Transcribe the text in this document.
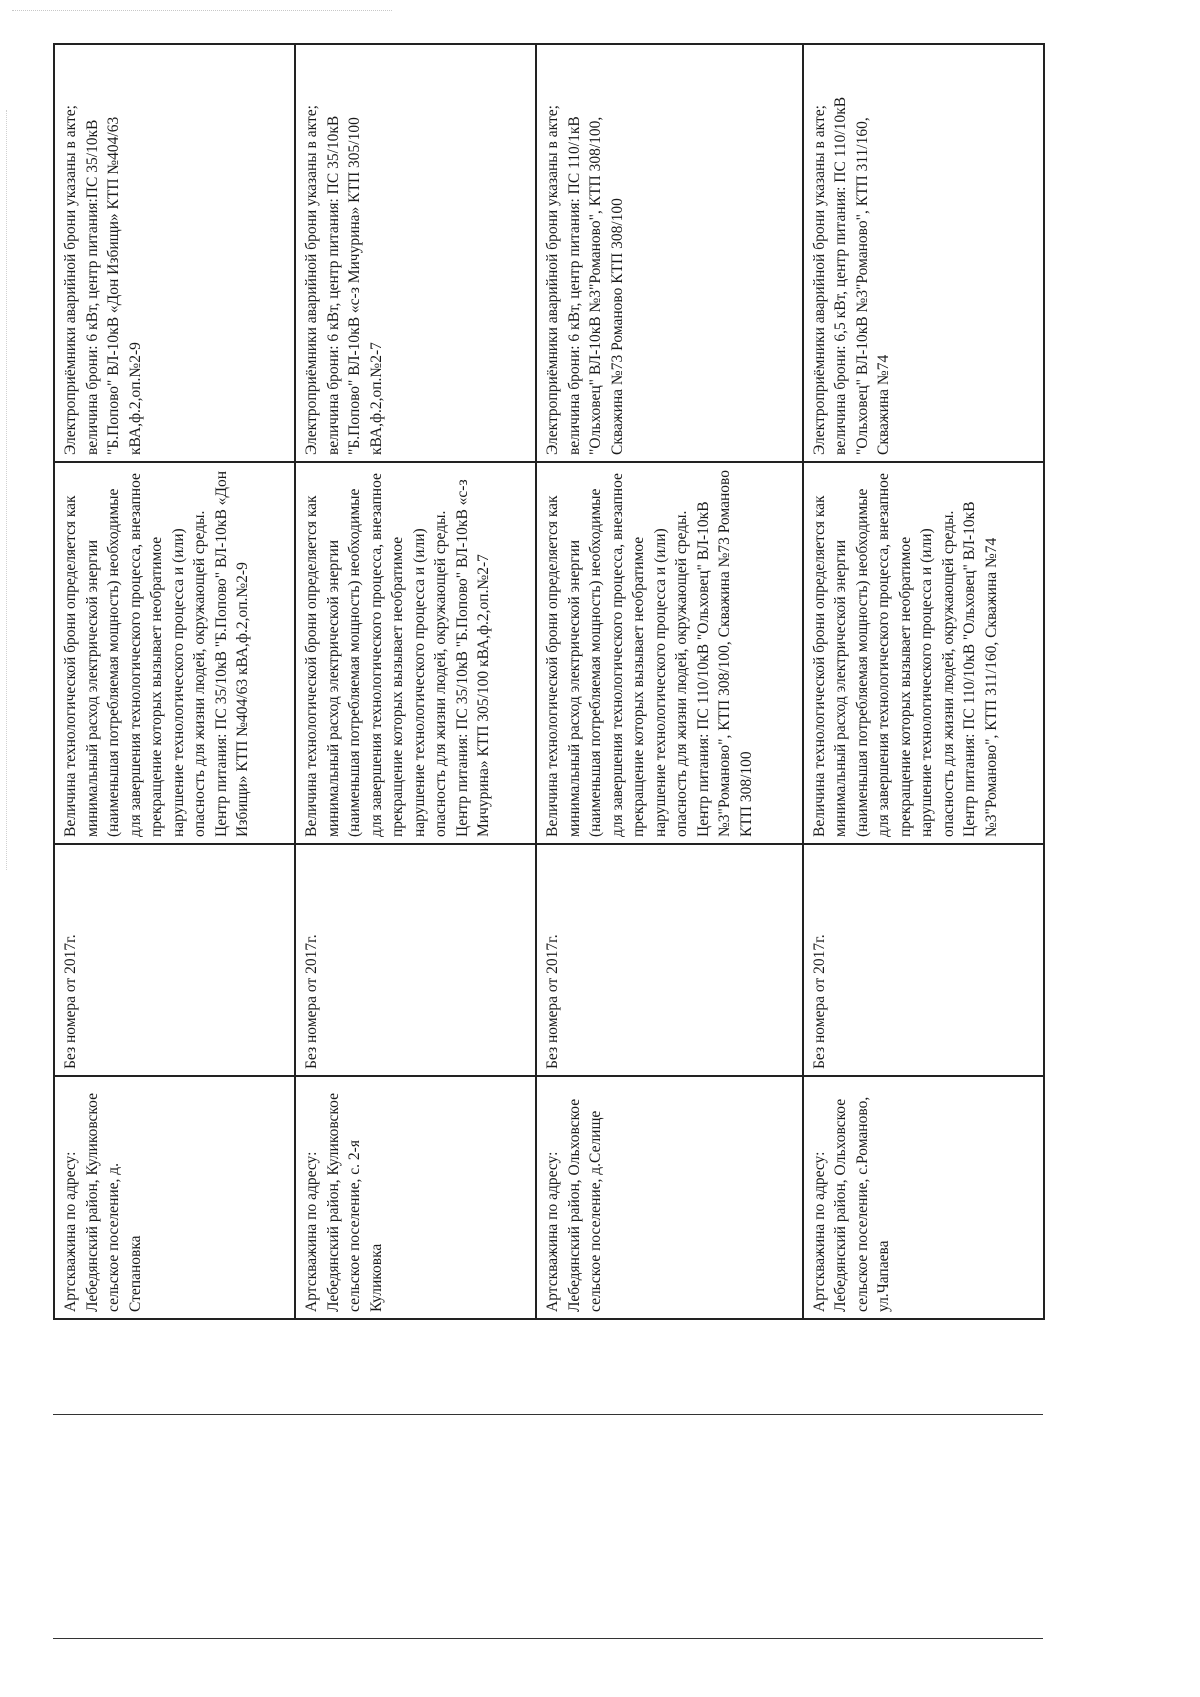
Артскважина по адресу: Лебедянский район, Куликовское сельское поселение, д. Степановка	Без номера от 2017г.	Величина технологической брони определяется как минимальный расход электрической энергии (наименьшая потребляемая мощность) необходимые для завершения технологического процесса, внезапное прекращение которых вызывает необратимое нарушение технологического процесса и (или) опасность для жизни людей, окружающей среды. Центр питания: ПС 35/10кВ "Б.Попово" ВЛ-10кВ «Дон Избищи» КТП №404/63 кВА,ф.2,оп.№2-9	Электроприёмники аварийной брони указаны в акте; величина брони: 6 кВт, центр питания:ПС 35/10кВ "Б.Попово" ВЛ-10кВ «Дон Избищи» КТП №404/63 кВА,ф.2,оп.№2-9
Артскважина по адресу: Лебедянский район, Куликовское сельское поселение, с. 2-я Куликовка	Без номера от 2017г.	Величина технологической брони определяется как минимальный расход электрической энергии (наименьшая потребляемая мощность) необходимые для завершения технологического процесса, внезапное прекращение которых вызывает необратимое нарушение технологического процесса и (или) опасность для жизни людей, окружающей среды. Центр питания: ПС 35/10кВ "Б.Попово" ВЛ-10кВ «с-з Мичурина» КТП 305/100 кВА,ф.2,оп.№2-7	Электроприёмники аварийной брони указаны в акте; величина брони: 6 кВт, центр питания: ПС 35/10кВ "Б.Попово" ВЛ-10кВ «с-з Мичурина» КТП 305/100 кВА,ф.2,оп.№2-7
Артскважина по адресу: Лебедянский район, Ольховское сельское поселение, д.Селище	Без номера от 2017г.	Величина технологической брони определяется как минимальный расход электрической энергии (наименьшая потребляемая мощность) необходимые для завершения технологического процесса, внезапное прекращение которых вызывает необратимое нарушение технологического процесса и (или) опасность для жизни людей, окружающей среды. Центр питания: ПС 110/10кВ "Ольховец" ВЛ-10кВ №3"Романово", КТП 308/100, Скважина №73 Романово КТП 308/100	Электроприёмники аварийной брони указаны в акте; величина брони: 6 кВт, центр питания: ПС 110/1кВ "Ольховец" ВЛ-10кВ №3"Романово", КТП 308/100, Скважина №73 Романово КТП 308/100
Артскважина по адресу: Лебедянский район, Ольховское сельское поселение, с.Романово, ул.Чапаева	Без номера от 2017г.	Величина технологической брони определяется как минимальный расход электрической энергии (наименьшая потребляемая мощность) необходимые для завершения технологического процесса, внезапное прекращение которых вызывает необратимое нарушение технологического процесса и (или) опасность для жизни людей, окружающей среды. Центр питания: ПС 110/10кВ "Ольховец" ВЛ-10кВ №3"Романово", КТП 311/160, Скважина №74	Электроприёмники аварийной брони указаны в акте; величина брони: 6,5 кВт, центр питания: ПС 110/10кВ "Ольховец" ВЛ-10кВ №3"Романово", КТП 311/160, Скважина №74
